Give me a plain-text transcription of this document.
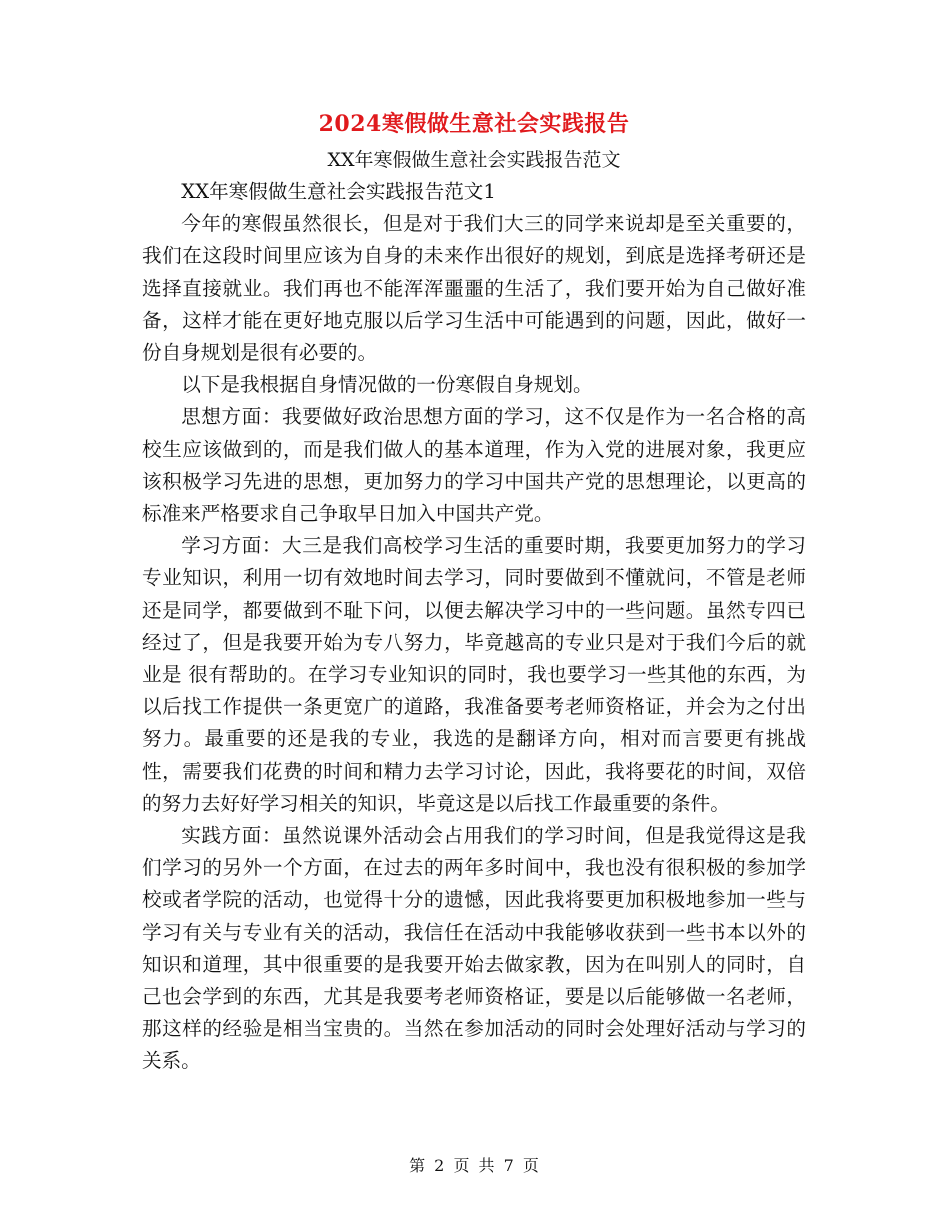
2024寒假做生意社会实践报告

XX年寒假做生意社会实践报告范文

XX年寒假做生意社会实践报告范文1

今年的寒假虽然很长，但是对于我们大三的同学来说却是至关重要的，我们在这段时间里应该为自身的未来作出很好的规划，到底是选择考研还是选择直接就业。我们再也不能浑浑噩噩的生活了，我们要开始为自己做好准备，这样才能在更好地克服以后学习生活中可能遇到的问题，因此，做好一份自身规划是很有必要的。

以下是我根据自身情况做的一份寒假自身规划。

思想方面：我要做好政治思想方面的学习，这不仅是作为一名合格的高校生应该做到的，而是我们做人的基本道理，作为入党的进展对象，我更应该积极学习先进的思想，更加努力的学习中国共产党的思想理论，以更高的标准来严格要求自己争取早日加入中国共产党。

学习方面：大三是我们高校学习生活的重要时期，我要更加努力的学习专业知识，利用一切有效地时间去学习，同时要做到不懂就问，不管是老师还是同学，都要做到不耻下问，以便去解决学习中的一些问题。虽然专四已经过了，但是我要开始为专八努力，毕竟越高的专业只是对于我们今后的就业是 很有帮助的。在学习专业知识的同时，我也要学习一些其他的东西，为以后找工作提供一条更宽广的道路，我准备要考老师资格证，并会为之付出努力。最重要的还是我的专业，我选的是翻译方向，相对而言要更有挑战性，需要我们花费的时间和精力去学习讨论，因此，我将要花的时间，双倍的努力去好好学习相关的知识，毕竟这是以后找工作最重要的条件。

实践方面：虽然说课外活动会占用我们的学习时间，但是我觉得这是我们学习的另外一个方面，在过去的两年多时间中，我也没有很积极的参加学校或者学院的活动，也觉得十分的遗憾，因此我将要更加积极地参加一些与学习有关与专业有关的活动，我信任在活动中我能够收获到一些书本以外的知识和道理，其中很重要的是我要开始去做家教，因为在叫别人的同时，自己也会学到的东西，尤其是我要考老师资格证，要是以后能够做一名老师，那这样的经验是相当宝贵的。当然在参加活动的同时会处理好活动与学习的关系。

第 2 页 共 7 页
